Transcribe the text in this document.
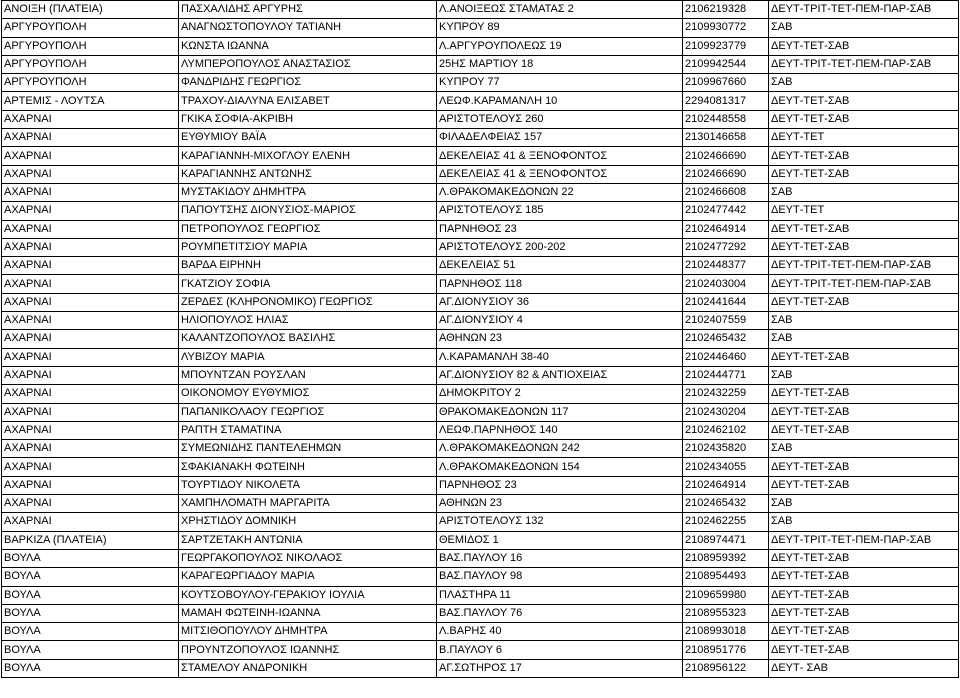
ΑΝΟΙΞΗ (ΠΛΑΤΕΙΑ)	ΠΑΣΧΑΛΙΔΗΣ ΑΡΓΥΡΗΣ	Λ.ΑΝΟΙΞΕΩΣ ΣΤΑΜΑΤΑΣ 2	2106219328	ΔΕΥΤ-ΤΡΙΤ-ΤΕΤ-ΠΕΜ-ΠΑΡ-ΣΑΒ
ΑΡΓΥΡΟΥΠΟΛΗ	ΑΝΑΓΝΩΣΤΟΠΟΥΛΟΥ ΤΑΤΙΑΝΗ	ΚΥΠΡΟΥ 89	2109930772	ΣΑΒ
ΑΡΓΥΡΟΥΠΟΛΗ	ΚΩΝΣΤΑ ΙΩΑΝΝΑ	Λ.ΑΡΓΥΡΟΥΠΟΛΕΩΣ 19	2109923779	ΔΕΥΤ-ΤΕΤ-ΣΑΒ
ΑΡΓΥΡΟΥΠΟΛΗ	ΛΥΜΠΕΡΟΠΟΥΛΟΣ ΑΝΑΣΤΑΣΙΟΣ	25ΗΣ ΜΑΡΤΙΟΥ 18	2109942544	ΔΕΥΤ-ΤΡΙΤ-ΤΕΤ-ΠΕΜ-ΠΑΡ-ΣΑΒ
ΑΡΓΥΡΟΥΠΟΛΗ	ΦΑΝΔΡΙΔΗΣ ΓΕΩΡΓΙΟΣ	ΚΥΠΡΟΥ 77	2109967660	ΣΑΒ
ΑΡΤΕΜΙΣ - ΛΟΥΤΣΑ	ΤΡΑΧΟΥ-ΔΙΑΛΥΝΑ ΕΛΙΣΑΒΕΤ	ΛΕΩΦ.ΚΑΡΑΜΑΝΛΗ 10	2294081317	ΔΕΥΤ-ΤΕΤ-ΣΑΒ
ΑΧΑΡΝΑΙ	ΓΚΙΚΑ ΣΟΦΙΑ-ΑΚΡΙΒΗ	ΑΡΙΣΤΟΤΕΛΟΥΣ 260	2102448558	ΔΕΥΤ-ΤΕΤ-ΣΑΒ
ΑΧΑΡΝΑΙ	ΕΥΘΥΜΙΟΥ ΒΑΪΑ	ΦΙΛΑΔΕΛΦΕΙΑΣ 157	2130146658	ΔΕΥΤ-ΤΕΤ
ΑΧΑΡΝΑΙ	ΚΑΡΑΓΙΑΝΝΗ-ΜΙΧΟΓΛΟΥ ΕΛΕΝΗ	ΔΕΚΕΛΕΙΑΣ 41 & ΞΕΝΟΦΟΝΤΟΣ	2102466690	ΔΕΥΤ-ΤΕΤ-ΣΑΒ
ΑΧΑΡΝΑΙ	ΚΑΡΑΓΙΑΝΝΗΣ ΑΝΤΩΝΗΣ	ΔΕΚΕΛΕΙΑΣ 41 & ΞΕΝΟΦΟΝΤΟΣ	2102466690	ΔΕΥΤ-ΤΕΤ-ΣΑΒ
ΑΧΑΡΝΑΙ	ΜΥΣΤΑΚΙΔΟΥ ΔΗΜΗΤΡΑ	Λ.ΘΡΑΚΟΜΑΚΕΔΟΝΩΝ 22	2102466608	ΣΑΒ
ΑΧΑΡΝΑΙ	ΠΑΠΟΥΤΣΗΣ ΔΙΟΝΥΣΙΟΣ-ΜΑΡΙΟΣ	ΑΡΙΣΤΟΤΕΛΟΥΣ 185	2102477442	ΔΕΥΤ-ΤΕΤ
ΑΧΑΡΝΑΙ	ΠΕΤΡΟΠΟΥΛΟΣ ΓΕΩΡΓΙΟΣ	ΠΑΡΝΗΘΟΣ 23	2102464914	ΔΕΥΤ-ΤΕΤ-ΣΑΒ
ΑΧΑΡΝΑΙ	ΡΟΥΜΠΕΤΙΤΣΙΟΥ ΜΑΡΙΑ	ΑΡΙΣΤΟΤΕΛΟΥΣ 200-202	2102477292	ΔΕΥΤ-ΤΕΤ-ΣΑΒ
ΑΧΑΡΝΑΙ	ΒΑΡΔΑ ΕΙΡΗΝΗ	ΔΕΚΕΛΕΙΑΣ 51	2102448377	ΔΕΥΤ-ΤΡΙΤ-ΤΕΤ-ΠΕΜ-ΠΑΡ-ΣΑΒ
ΑΧΑΡΝΑΙ	ΓΚΑΤΖΙΟΥ ΣΟΦΙΑ	ΠΑΡΝΗΘΟΣ 118	2102403004	ΔΕΥΤ-ΤΡΙΤ-ΤΕΤ-ΠΕΜ-ΠΑΡ-ΣΑΒ
ΑΧΑΡΝΑΙ	ΖΕΡΔΕΣ (ΚΛΗΡΟΝΟΜΙΚΟ) ΓΕΩΡΓΙΟΣ	ΑΓ.ΔΙΟΝΥΣΙΟΥ 36	2102441644	ΔΕΥΤ-ΤΕΤ-ΣΑΒ
ΑΧΑΡΝΑΙ	ΗΛΙΟΠΟΥΛΟΣ ΗΛΙΑΣ	ΑΓ.ΔΙΟΝΥΣΙΟΥ 4	2102407559	ΣΑΒ
ΑΧΑΡΝΑΙ	ΚΑΛΑΝΤΖΟΠΟΥΛΟΣ ΒΑΣΙΛΗΣ	ΑΘΗΝΩΝ 23	2102465432	ΣΑΒ
ΑΧΑΡΝΑΙ	ΛΥΒΙΖΟΥ ΜΑΡΙΑ	Λ.ΚΑΡΑΜΑΝΛΗ 38-40	2102446460	ΔΕΥΤ-ΤΕΤ-ΣΑΒ
ΑΧΑΡΝΑΙ	ΜΠΟΥΝΤΖΑΝ ΡΟΥΣΛΑΝ	ΑΓ.ΔΙΟΝΥΣΙΟΥ 82 & ΑΝΤΙΟΧΕΙΑΣ	2102444771	ΣΑΒ
ΑΧΑΡΝΑΙ	ΟΙΚΟΝΟΜΟΥ ΕΥΘΥΜΙΟΣ	ΔΗΜΟΚΡΙΤΟΥ 2	2102432259	ΔΕΥΤ-ΤΕΤ-ΣΑΒ
ΑΧΑΡΝΑΙ	ΠΑΠΑΝΙΚΟΛΑΟΥ ΓΕΩΡΓΙΟΣ	ΘΡΑΚΟΜΑΚΕΔΟΝΩΝ 117	2102430204	ΔΕΥΤ-ΤΕΤ-ΣΑΒ
ΑΧΑΡΝΑΙ	ΡΑΠΤΗ ΣΤΑΜΑΤΙΝΑ	ΛΕΩΦ.ΠΑΡΝΗΘΟΣ 140	2102462102	ΔΕΥΤ-ΤΕΤ-ΣΑΒ
ΑΧΑΡΝΑΙ	ΣΥΜΕΩΝΙΔΗΣ ΠΑΝΤΕΛΕΗΜΩΝ	Λ.ΘΡΑΚΟΜΑΚΕΔΟΝΩΝ 242	2102435820	ΣΑΒ
ΑΧΑΡΝΑΙ	ΣΦΑΚΙΑΝΑΚΗ ΦΩΤΕΙΝΗ	Λ.ΘΡΑΚΟΜΑΚΕΔΟΝΩΝ 154	2102434055	ΔΕΥΤ-ΤΕΤ-ΣΑΒ
ΑΧΑΡΝΑΙ	ΤΟΥΡΤΙΔΟΥ ΝΙΚΟΛΕΤΑ	ΠΑΡΝΗΘΟΣ 23	2102464914	ΔΕΥΤ-ΤΕΤ-ΣΑΒ
ΑΧΑΡΝΑΙ	ΧΑΜΠΗΛΟΜΑΤΗ ΜΑΡΓΑΡΙΤΑ	ΑΘΗΝΩΝ 23	2102465432	ΣΑΒ
ΑΧΑΡΝΑΙ	ΧΡΗΣΤΙΔΟΥ ΔΟΜΝΙΚΗ	ΑΡΙΣΤΟΤΕΛΟΥΣ 132	2102462255	ΣΑΒ
ΒΑΡΚΙΖΑ (ΠΛΑΤΕΙΑ)	ΣΑΡΤΖΕΤΑΚΗ ΑΝΤΩΝΙΑ	ΘΕΜΙΔΟΣ 1	2108974471	ΔΕΥΤ-ΤΡΙΤ-ΤΕΤ-ΠΕΜ-ΠΑΡ-ΣΑΒ
ΒΟΥΛΑ	ΓΕΩΡΓΑΚΟΠΟΥΛΟΣ ΝΙΚΟΛΑΟΣ	ΒΑΣ.ΠΑΥΛΟΥ 16	2108959392	ΔΕΥΤ-ΤΕΤ-ΣΑΒ
ΒΟΥΛΑ	ΚΑΡΑΓΕΩΡΓΙΑΔΟΥ ΜΑΡΙΑ	ΒΑΣ.ΠΑΥΛΟΥ 98	2108954493	ΔΕΥΤ-ΤΕΤ-ΣΑΒ
ΒΟΥΛΑ	ΚΟΥΤΣΟΒΟΥΛΟΥ-ΓΕΡΑΚΙΟΥ ΙΟΥΛΙΑ	ΠΛΑΣΤΗΡΑ 11	2109659980	ΔΕΥΤ-ΤΕΤ-ΣΑΒ
ΒΟΥΛΑ	ΜΑΜΑΗ ΦΩΤΕΙΝΗ-ΙΩΑΝΝΑ	ΒΑΣ.ΠΑΥΛΟΥ 76	2108955323	ΔΕΥΤ-ΤΕΤ-ΣΑΒ
ΒΟΥΛΑ	ΜΙΤΣΙΘΟΠΟΥΛΟΥ ΔΗΜΗΤΡΑ	Λ.ΒΑΡΗΣ 40	2108993018	ΔΕΥΤ-ΤΕΤ-ΣΑΒ
ΒΟΥΛΑ	ΠΡΟΥΝΤΖΟΠΟΥΛΟΣ ΙΩΑΝΝΗΣ	Β.ΠΑΥΛΟΥ 6	2108951776	ΔΕΥΤ-ΤΕΤ-ΣΑΒ
ΒΟΥΛΑ	ΣΤΑΜΕΛΟΥ ΑΝΔΡΟΝΙΚΗ	ΑΓ.ΣΩΤΗΡΟΣ 17	2108956122	ΔΕΥΤ- ΣΑΒ
